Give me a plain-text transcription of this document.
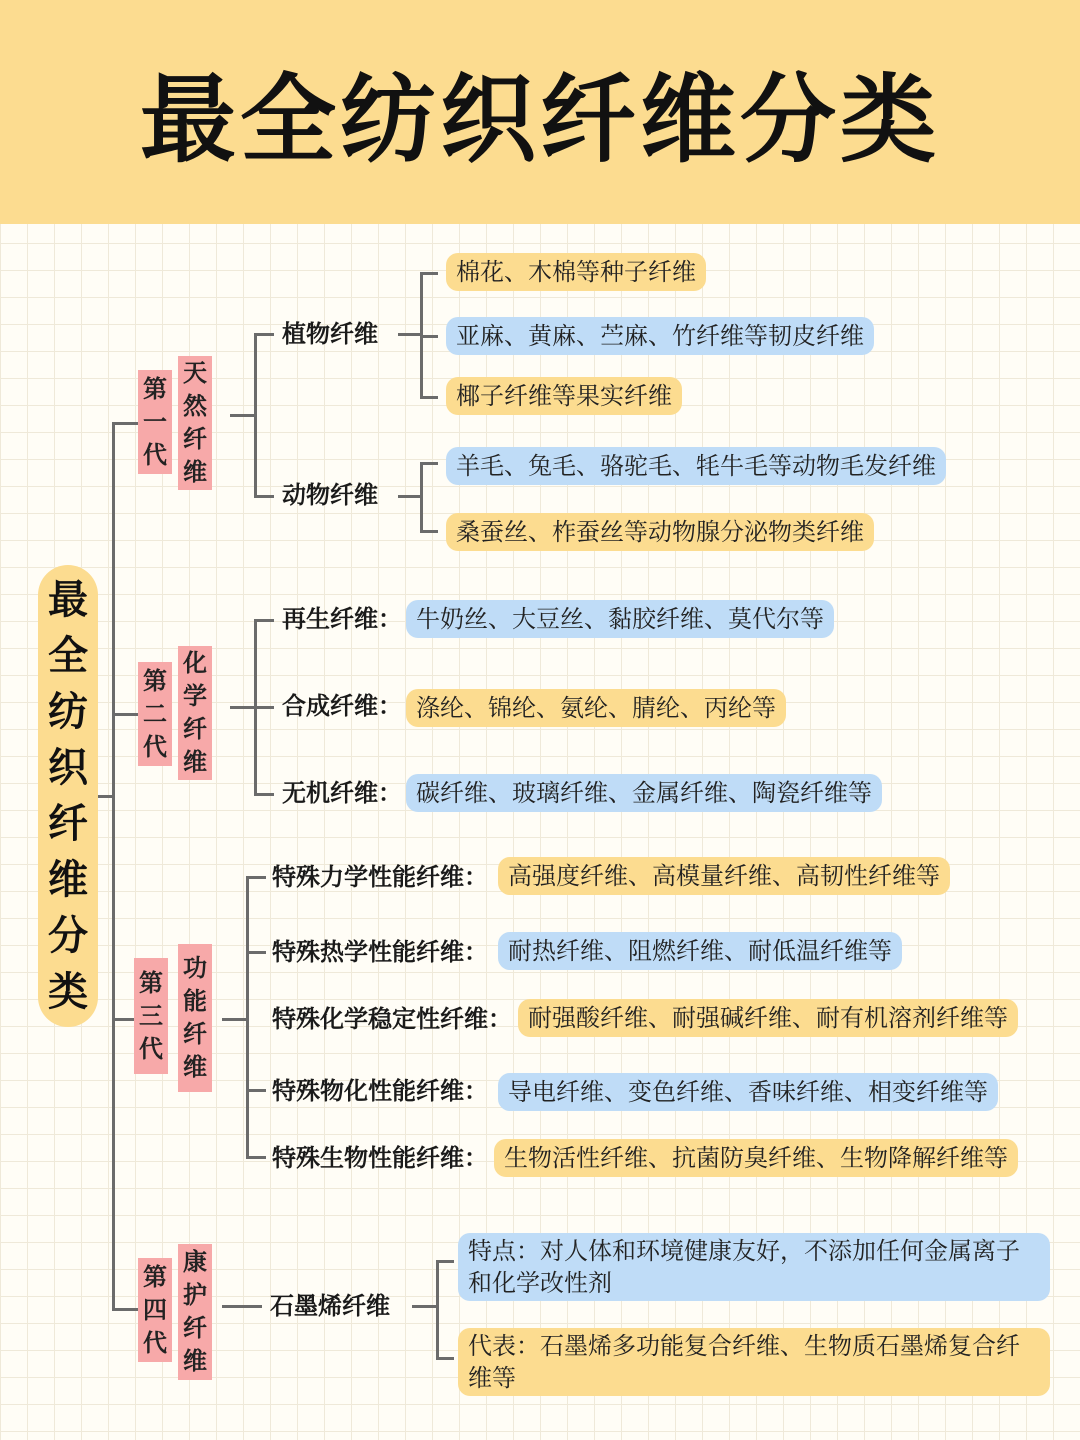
最全纺织纤维分类
最
全
纺
织
纤
维
分
类
第
一
代
天
然
纤
维
植物纤维
棉花、木棉等种子纤维
亚麻、黄麻、苎麻、竹纤维等韧皮纤维
椰子纤维等果实纤维
动物纤维
羊毛、兔毛、骆驼毛、牦牛毛等动物毛发纤维
桑蚕丝、柞蚕丝等动物腺分泌物类纤维
第
二
代
化
学
纤
维
再生纤维： 牛奶丝、大豆丝、黏胶纤维、莫代尔等
合成纤维： 涤纶、锦纶、氨纶、腈纶、丙纶等
无机纤维： 碳纤维、玻璃纤维、金属纤维、陶瓷纤维等
第
三
代
功
能
纤
维
特殊力学性能纤维： 高强度纤维、高模量纤维、高韧性纤维等
特殊热学性能纤维： 耐热纤维、阻燃纤维、耐低温纤维等
特殊化学稳定性纤维： 耐强酸纤维、耐强碱纤维、耐有机溶剂纤维等
特殊物化性能纤维： 导电纤维、变色纤维、香味纤维、相变纤维等
特殊生物性能纤维： 生物活性纤维、抗菌防臭纤维、生物降解纤维等
第
四
代
康
护
纤
维
石墨烯纤维
特点：对人体和环境健康友好，不添加任何金属离子和化学改性剂
代表：石墨烯多功能复合纤维、生物质石墨烯复合纤维等
